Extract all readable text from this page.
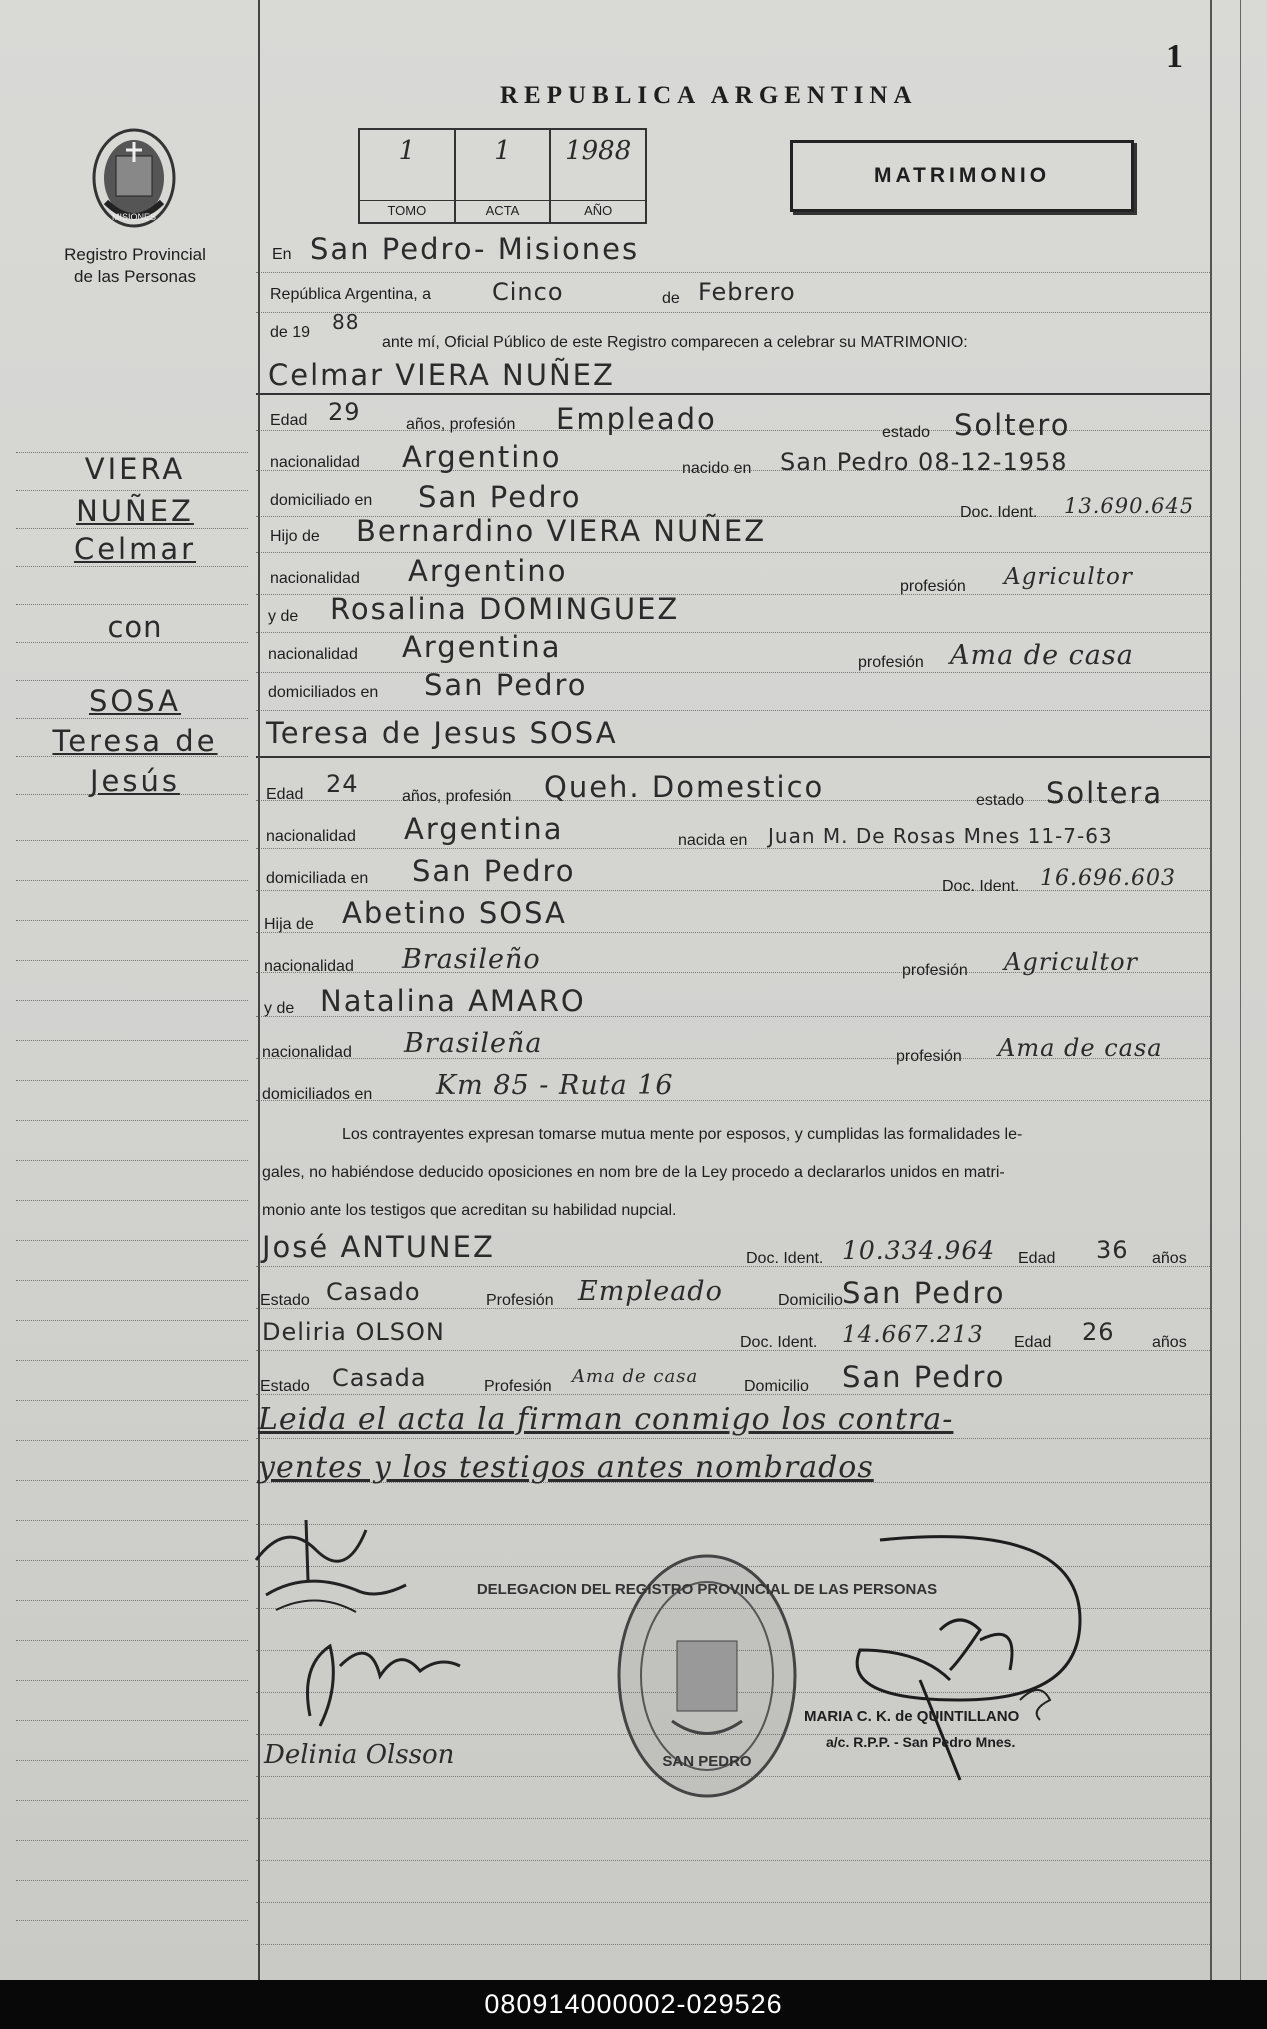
1
REPUBLICA ARGENTINA
MATRIMONIO
1
TOMO
1
ACTA
1988
AÑO
MISIONES
Registro Provincial
de las Personas
VIERA
NUÑEZ
Celmar
con
SOSA
Teresa de
Jesús
En San Pedro- Misiones
República Argentina, a	Cinco	de Febrero
de 19 88
ante mí, Oficial Público de este Registro comparecen a celebrar su MATRIMONIO:
Celmar VIERA NUÑEZ
Edad 29	años, profesión Empleado	estado Soltero
nacionalidad Argentino	nacido en San Pedro 08-12-1958
domiciliado en San Pedro	Doc. Ident. 13.690.645
Hijo de Bernardino VIERA NUÑEZ
nacionalidad Argentino	profesión Agricultor
y de Rosalina DOMINGUEZ
nacionalidad Argentina	profesión Ama de casa
domiciliados en San Pedro
Teresa de Jesus SOSA
Edad 24	años, profesión Queh. Domestico	estado Soltera
nacionalidad Argentina	nacida en Juan M. De Rosas Mnes 11-7-63
domiciliada en San Pedro	Doc. Ident. 16.696.603
Hija de Abetino SOSA
nacionalidad Brasileño	profesión Agricultor
y de Natalina AMARO
nacionalidad Brasileña	profesión Ama de casa
domiciliados en Km 85 - Ruta 16
Los contrayentes expresan tomarse mutua mente por esposos, y cumplidas las formalidades le-
gales, no habiéndose deducido oposiciones en nom bre de la Ley procedo a declararlos unidos en matri-
monio ante los testigos que acreditan su habilidad nupcial.
José ANTUNEZ	Doc. Ident. 10.334.964 Edad 36 años
Estado Casado	Profesión Empleado	Domicilio San Pedro
Deliria OLSON	Doc. Ident. 14.667.213 Edad 26 años
Estado Casada	Profesión Ama de casa	Domicilio San Pedro
Leida el acta la firman conmigo los contra-
yentes y los testigos antes nombrados
Delinia Olsson
DELEGACION DEL REGISTRO PROVINCIAL DE LAS PERSONAS
SAN PEDRO
MARIA C. K. de QUINTILLANO
a/c. R.P.P. - San Pedro Mnes.
080914000002-029526
